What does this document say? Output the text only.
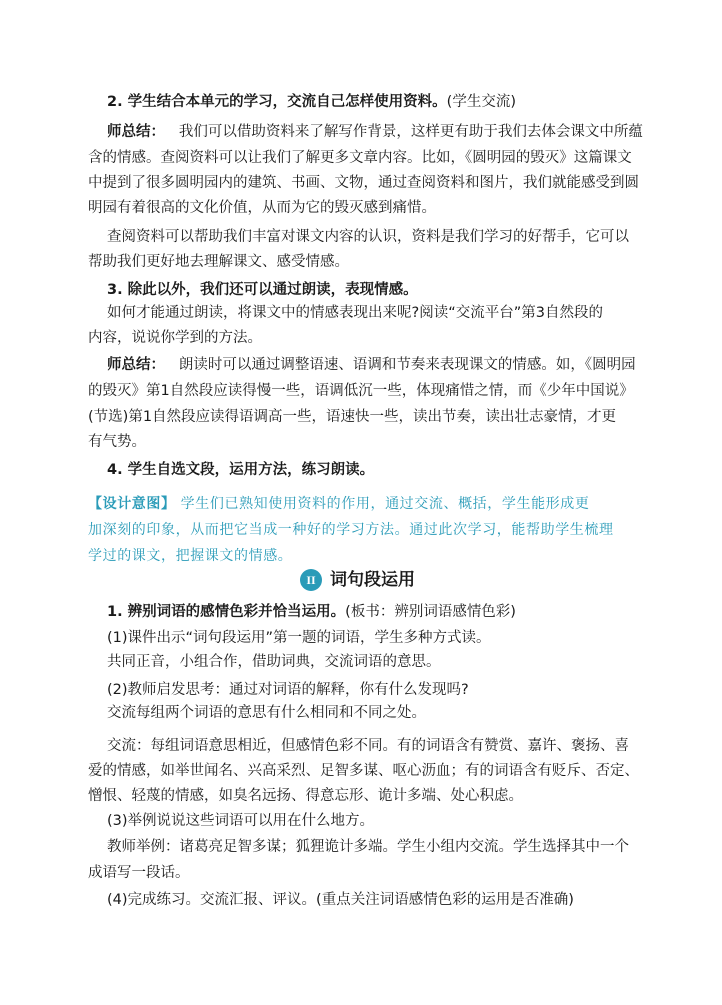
2. 学生结合本单元的学习，交流自己怎样使用资料。(学生交流)
师总结： 我们可以借助资料来了解写作背景，这样更有助于我们去体会课文中所蕴
含的情感。查阅资料可以让我们了解更多文章内容。比如，《圆明园的毁灭》这篇课文
中提到了很多圆明园内的建筑、书画、文物，通过查阅资料和图片，我们就能感受到圆
明园有着很高的文化价值，从而为它的毁灭感到痛惜。
查阅资料可以帮助我们丰富对课文内容的认识，资料是我们学习的好帮手，它可以
帮助我们更好地去理解课文、感受情感。
3. 除此以外，我们还可以通过朗读，表现情感。
如何才能通过朗读，将课文中的情感表现出来呢?阅读“交流平台”第3自然段的
内容，说说你学到的方法。
师总结： 朗读时可以通过调整语速、语调和节奏来表现课文的情感。如，《圆明园
的毁灭》第1自然段应读得慢一些，语调低沉一些，体现痛惜之情，而《少年中国说》
(节选)第1自然段应读得语调高一些，语速快一些，读出节奏，读出壮志豪情，才更
有气势。
4. 学生自选文段，运用方法，练习朗读。
【设计意图】 学生们已熟知使用资料的作用，通过交流、概括，学生能形成更
加深刻的印象，从而把它当成一种好的学习方法。通过此次学习，能帮助学生梳理
学过的课文，把握课文的情感。
II 词句段运用
1. 辨别词语的感情色彩并恰当运用。(板书：辨别词语感情色彩)
(1)课件出示“词句段运用”第一题的词语，学生多种方式读。
共同正音，小组合作，借助词典，交流词语的意思。
(2)教师启发思考：通过对词语的解释，你有什么发现吗?
交流每组两个词语的意思有什么相同和不同之处。
交流：每组词语意思相近，但感情色彩不同。有的词语含有赞赏、嘉许、褒扬、喜
爱的情感，如举世闻名、兴高采烈、足智多谋、呕心沥血；有的词语含有贬斥、否定、
憎恨、轻蔑的情感，如臭名远扬、得意忘形、诡计多端、处心积虑。
(3)举例说说这些词语可以用在什么地方。
教师举例：诸葛亮足智多谋；狐狸诡计多端。学生小组内交流。学生选择其中一个
成语写一段话。
(4)完成练习。交流汇报、评议。(重点关注词语感情色彩的运用是否准确)
